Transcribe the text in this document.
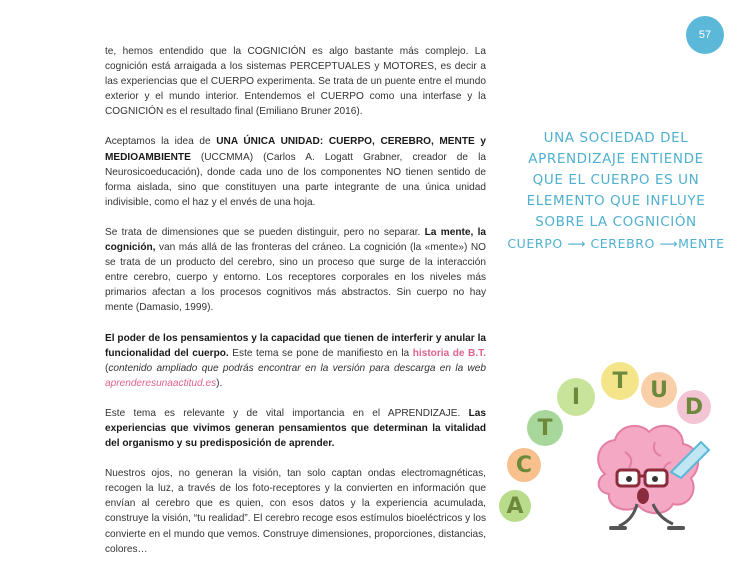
57

te, hemos entendido que la COGNICIÓN es algo bastante más complejo. La cognición está arraigada a los sistemas PERCEPTUALES y MOTORES, es decir a las experiencias que el CUERPO experimenta. Se trata de un puente entre el mundo exterior y el mundo interior. Entendemos el CUERPO como una interfase y la COGNICIÓN es el resultado final (Emiliano Bruner 2016).

Aceptamos la idea de UNA ÚNICA UNIDAD: CUERPO, CEREBRO, MENTE y MEDIOAMBIENTE (UCCMMA) (Carlos A. Logatt Grabner, creador de la Neurosicoeducación), donde cada uno de los componentes NO tienen sentido de forma aislada, sino que constituyen una parte integrante de una única unidad indivisible, como el haz y el envés de una hoja.

Se trata de dimensiones que se pueden distinguir, pero no separar. La mente, la cognición, van más allá de las fronteras del cráneo. La cognición (la «mente») NO se trata de un producto del cerebro, sino un proceso que surge de la interacción entre cerebro, cuerpo y entorno. Los receptores corporales en los niveles más primarios afectan a los procesos cognitivos más abstractos. Sin cuerpo no hay mente (Damasio, 1999).

El poder de los pensamientos y la capacidad que tienen de interferir y anular la funcionalidad del cuerpo. Este tema se pone de manifiesto en la historia de B.T. (contenido ampliado que podrás encontrar en la versión para descarga en la web aprenderesunaactitud.es).

Este tema es relevante y de vital importancia en el APRENDIZAJE. Las experiencias que vivimos generan pensamientos que determinan la vitalidad del organismo y su predisposición de aprender.

Nuestros ojos, no generan la visión, tan solo captan ondas electromagnéticas, recogen la luz, a través de los foto-receptores y la convierten en información que envían al cerebro que es quien, con esos datos y la experiencia acumulada, construye la visión, “tu realidad”. El cerebro recoge esos estímulos bioeléctricos y los convierte en el mundo que vemos. Construye dimensiones, proporciones, distancias, colores…

UNA SOCIEDAD DEL
APRENDIZAJE ENTIENDE
QUE EL CUERPO ES UN
ELEMENTO QUE INFLUYE
SOBRE LA COGNICIÓN
CUERPO ⟶ CEREBRO ⟶MENTE
A
C
T
I
T	U
D
